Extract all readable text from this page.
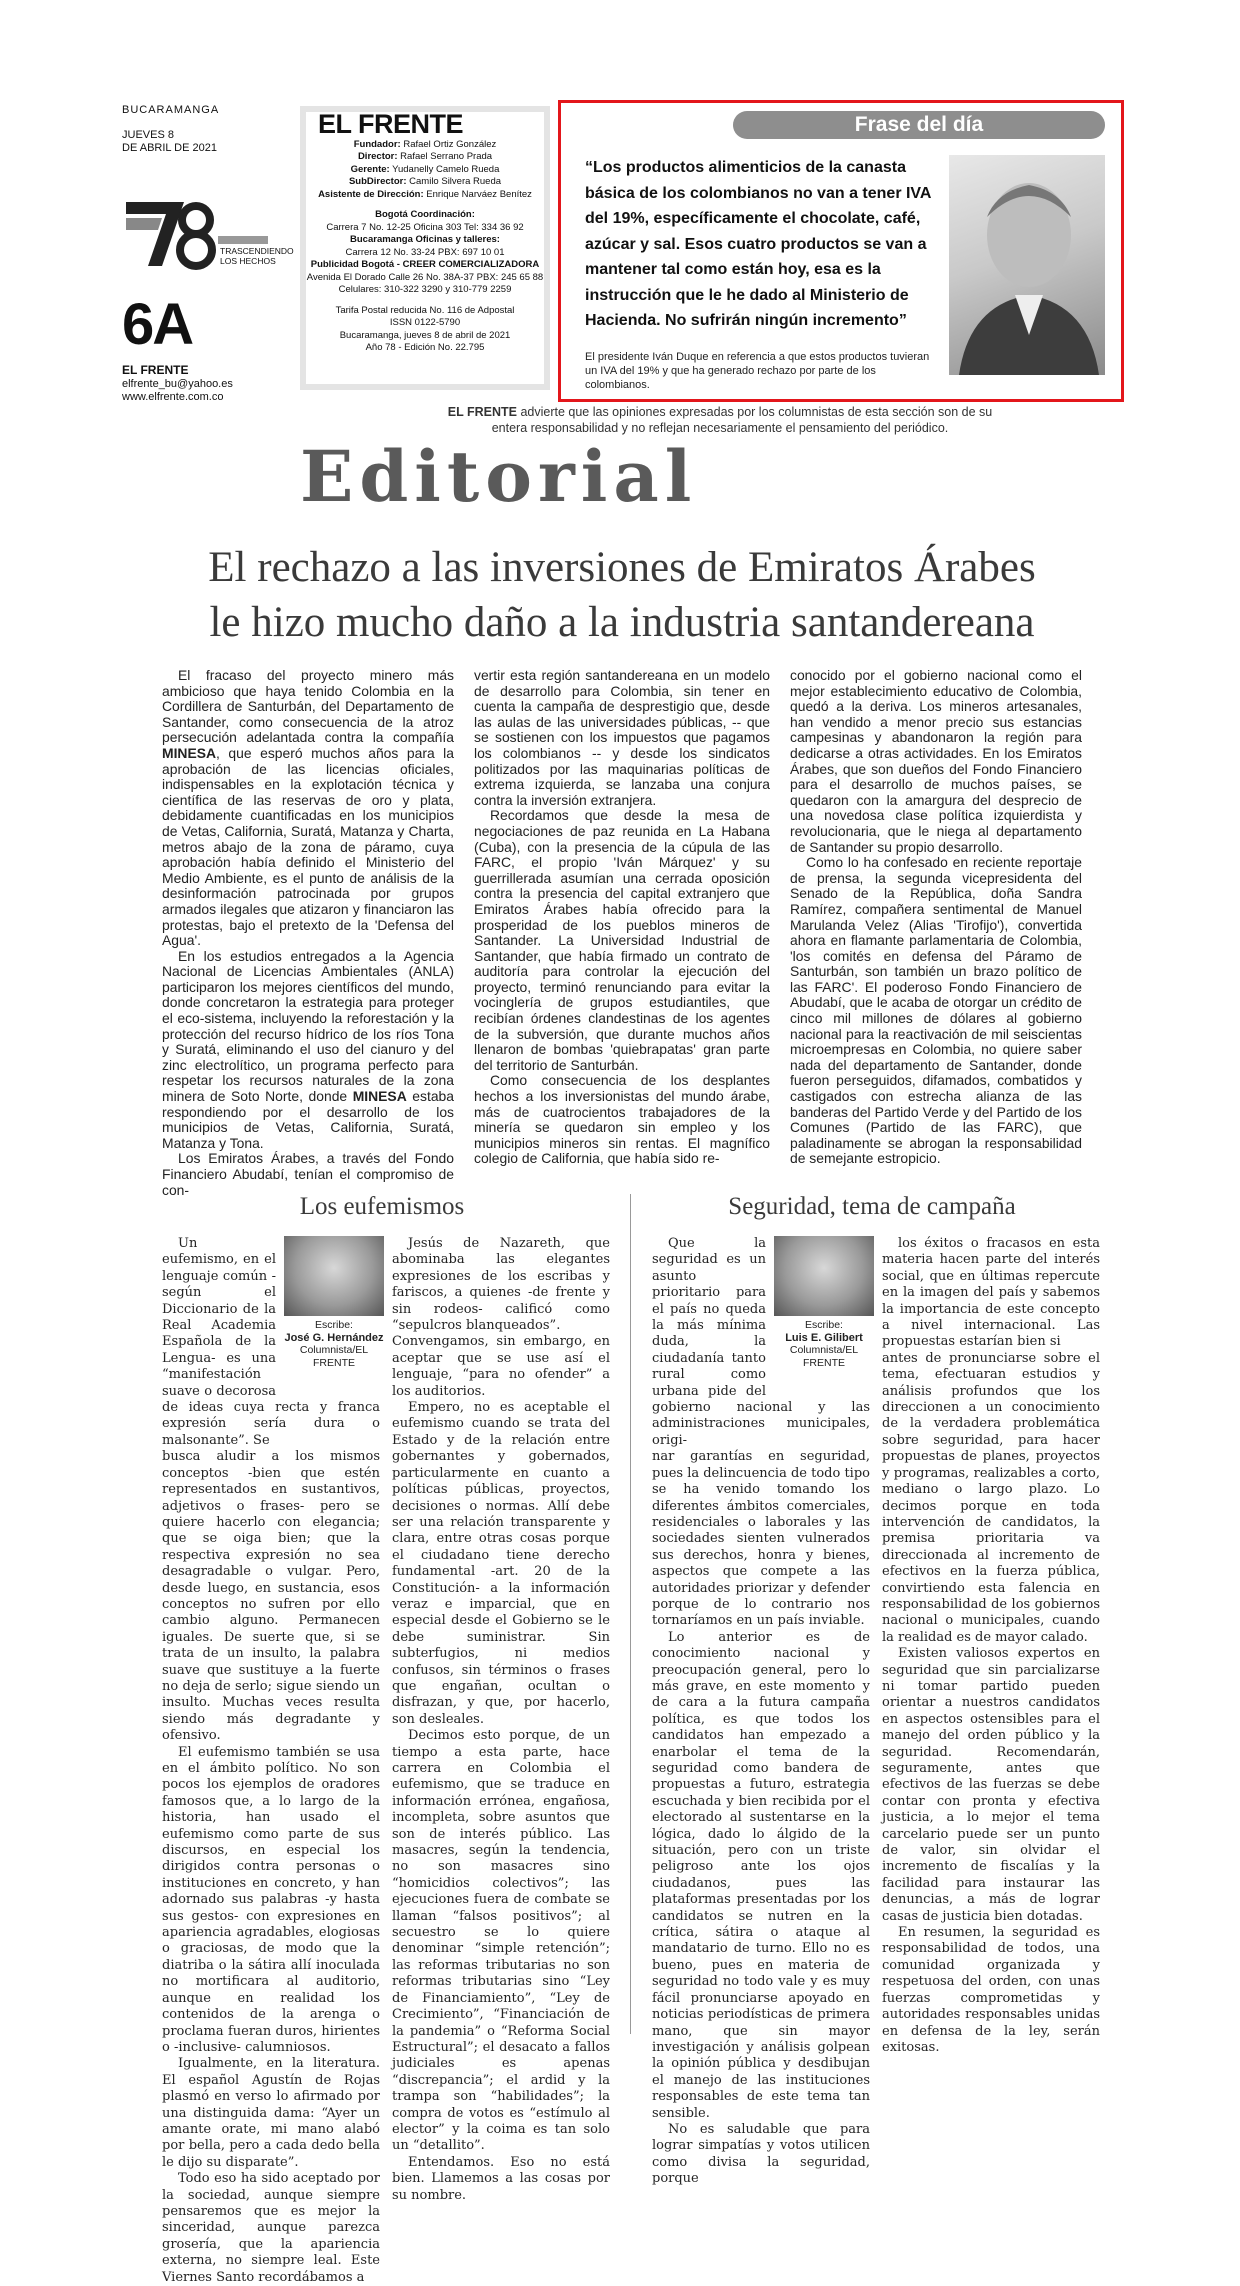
BUCARAMANGA
JUEVES 8
DE ABRIL DE 2021
TRASCENDIENDO
LOS HECHOS
6A
EL FRENTE
elfrente_bu@yahoo.es
www.elfrente.com.co
EL FRENTE
Fundador: Rafael Ortiz González
Director: Rafael Serrano Prada
Gerente: Yudanelly Camelo Rueda
SubDirector: Camilo Silvera Rueda
Asistente de Dirección: Enrique Narváez Benítez
Bogotá Coordinación:
Carrera 7 No. 12-25 Oficina 303 Tel: 334 36 92
Bucaramanga Oficinas y talleres:
Carrera 12 No. 33-24 PBX: 697 10 01
Publicidad Bogotá - CREER COMERCIALIZADORA
Avenida El Dorado Calle 26 No. 38A-37 PBX: 245 65 88
Celulares: 310-322 3290 y 310-779 2259
Tarifa Postal reducida No. 116 de Adpostal
ISSN 0122-5790
Bucaramanga, jueves 8 de abril de 2021
Año 78 - Edición No. 22.795
Frase del día
“Los productos alimenticios de la canasta básica de los colombianos no van a tener IVA del 19%, específicamente el chocolate, café, azúcar y sal. Esos cuatro productos se van a mantener tal como están hoy, esa es la instrucción que le he dado al Ministerio de Hacienda. No sufrirán ningún incremento”
El presidente Iván Duque en referencia a que estos productos tuvieran un IVA del 19% y que ha generado rechazo por parte de los colombianos.
EL FRENTE advierte que las opiniones expresadas por los columnistas de esta sección son de su entera responsabilidad y no reflejan necesariamente el pensamiento del periódico.
Editorial
El rechazo a las inversiones de Emiratos Árabes
le hizo mucho daño a la industria santandereana

El fracaso del proyecto minero más ambicioso que haya tenido Colombia en la Cordillera de Santurbán, del Departamento de Santander, como consecuencia de la atroz persecución adelantada contra la compañía MINESA, que esperó muchos años para la aprobación de las licencias oficiales, indispensables en la explotación técnica y científica de las reservas de oro y plata, debidamente cuantificadas en los municipios de Vetas, California, Suratá, Matanza y Charta, metros abajo de la zona de páramo, cuya aprobación había definido el Ministerio del Medio Ambiente, es el punto de análisis de la desinformación patrocinada por grupos armados ilegales que atizaron y financiaron las protestas, bajo el pretexto de la 'Defensa del Agua'.

En los estudios entregados a la Agencia Nacional de Licencias Ambientales (ANLA) participaron los mejores científicos del mundo, donde concretaron la estrategia para proteger el eco-sistema, incluyendo la reforestación y la protección del recurso hídrico de los ríos Tona y Suratá, eliminando el uso del cianuro y del zinc electrolítico, un programa perfecto para respetar los recursos naturales de la zona minera de Soto Norte, donde MINESA estaba respondiendo por el desarrollo de los municipios de Vetas, California, Suratá, Matanza y Tona.

Los Emiratos Árabes, a través del Fondo Financiero Abudabí, tenían el compromiso de con-

vertir esta región santandereana en un modelo de desarrollo para Colombia, sin tener en cuenta la campaña de desprestigio que, desde las aulas de las universidades públicas, -- que se sostienen con los impuestos que pagamos los colombianos -- y desde los sindicatos politizados por las maquinarias políticas de extrema izquierda, se lanzaba una conjura contra la inversión extranjera.

Recordamos que desde la mesa de negociaciones de paz reunida en La Habana (Cuba), con la presencia de la cúpula de las FARC, el propio 'Iván Márquez' y su guerrillerada asumían una cerrada oposición contra la presencia del capital extranjero que Emiratos Árabes había ofrecido para la prosperidad de los pueblos mineros de Santander. La Universidad Industrial de Santander, que había firmado un contrato de auditoría para controlar la ejecución del proyecto, terminó renunciando para evitar la vocinglería de grupos estudiantiles, que recibían órdenes clandestinas de los agentes de la subversión, que durante muchos años llenaron de bombas 'quiebrapatas' gran parte del territorio de Santurbán.

Como consecuencia de los desplantes hechos a los inversionistas del mundo árabe, más de cuatrocientos trabajadores de la minería se quedaron sin empleo y los municipios mineros sin rentas. El magnífico colegio de California, que había sido re-

conocido por el gobierno nacional como el mejor establecimiento educativo de Colombia, quedó a la deriva. Los mineros artesanales, han vendido a menor precio sus estancias campesinas y abandonaron la región para dedicarse a otras actividades. En los Emiratos Árabes, que son dueños del Fondo Financiero para el desarrollo de muchos países, se quedaron con la amargura del desprecio de una novedosa clase política izquierdista y revolucionaria, que le niega al departamento de Santander su propio desarrollo.

Como lo ha confesado en reciente reportaje de prensa, la segunda vicepresidenta del Senado de la República, doña Sandra Ramírez, compañera sentimental de Manuel Marulanda Velez (Alias 'Tirofijo'), convertida ahora en flamante parlamentaria de Colombia, 'los comités en defensa del Páramo de Santurbán, son también un brazo político de las FARC'. El poderoso Fondo Financiero de Abudabí, que le acaba de otorgar un crédito de cinco mil millones de dólares al gobierno nacional para la reactivación de mil seiscientas microempresas en Colombia, no quiere saber nada del departamento de Santander, donde fueron perseguidos, difamados, combatidos y castigados con estrecha alianza de las banderas del Partido Verde y del Partido de los Comunes (Partido de las FARC), que paladinamente se abrogan la responsabilidad de semejante estropicio.

Los eufemismos	Seguridad, tema de campaña
Escribe:
José G. Hernández
Columnista/EL FRENTE

Un eufemismo, en el lenguaje común -según el Diccionario de la Real Academia Española de la Lengua- es una “manifestación suave o decorosa de ideas cuya recta y franca expresión sería dura o malsonante”. Se

busca aludir a los mismos conceptos -bien que estén representados en sustantivos, adjetivos o frases- pero se quiere hacerlo con elegancia; que se oiga bien; que la respectiva expresión no sea desagradable o vulgar. Pero, desde luego, en sustancia, esos conceptos no sufren por ello cambio alguno. Permanecen iguales. De suerte que, si se trata de un insulto, la palabra suave que sustituye a la fuerte no deja de serlo; sigue siendo un insulto. Muchas veces resulta siendo más degradante y ofensivo.

El eufemismo también se usa en el ámbito político. No son pocos los ejemplos de oradores famosos que, a lo largo de la historia, han usado el eufemismo como parte de sus discursos, en especial los dirigidos contra personas o instituciones en concreto, y han adornado sus palabras -y hasta sus gestos- con expresiones en apariencia agradables, elogiosas o graciosas, de modo que la diatriba o la sátira allí inoculada no mortificara al auditorio, aunque en realidad los contenidos de la arenga o proclama fueran duros, hirientes o -inclusive- calumniosos.

Igualmente, en la literatura. El español Agustín de Rojas plasmó en verso lo afirmado por una distinguida dama: “Ayer un amante orate, mi mano alabó por bella, pero a cada dedo bella le dijo su disparate”.

Todo eso ha sido aceptado por la sociedad, aunque siempre pensaremos que es mejor la sinceridad, aunque parezca grosería, que la apariencia externa, no siempre leal. Este Viernes Santo recordábamos a

Jesús de Nazareth, que abominaba las elegantes expresiones de los escribas y fariscos, a quienes -de frente y sin rodeos- calificó como “sepulcros blanqueados”.

Convengamos, sin embargo, en aceptar que se use así el lenguaje, “para no ofender” a los auditorios.

Empero, no es aceptable el eufemismo cuando se trata del Estado y de la relación entre gobernantes y gobernados, particularmente en cuanto a políticas públicas, proyectos, decisiones o normas. Allí debe ser una relación transparente y clara, entre otras cosas porque el ciudadano tiene derecho fundamental -art. 20 de la Constitución- a la información veraz e imparcial, que en especial desde el Gobierno se le debe suministrar. Sin subterfugios, ni medios confusos, sin términos o frases que engañan, ocultan o disfrazan, y que, por hacerlo, son desleales.

Decimos esto porque, de un tiempo a esta parte, hace carrera en Colombia el eufemismo, que se traduce en información errónea, engañosa, incompleta, sobre asuntos que son de interés público. Las masacres, según la tendencia, no son masacres sino “homicidios colectivos”; las ejecuciones fuera de combate se llaman “falsos positivos”; al secuestro se lo quiere denominar “simple retención”; las reformas tributarias no son reformas tributarias sino “Ley de Financiamiento”, “Ley de Crecimiento”, “Financiación de la pandemia” o “Reforma Social Estructural”; el desacato a fallos judiciales es apenas “discrepancia”; el ardid y la trampa son “habilidades”; la compra de votos es “estímulo al elector” y la coima es tan solo un “detallito”.

Entendamos. Eso no está bien. Llamemos a las cosas por su nombre.

Escribe:
Luis E. Gilibert
Columnista/EL FRENTE

Que la seguridad es un asunto prioritario para el país no queda la más mínima duda, la ciudadanía tanto rural como urbana pide del gobierno nacional y las administraciones municipales, origi-

nar garantías en seguridad, pues la delincuencia de todo tipo se ha venido tomando los diferentes ámbitos comerciales, residenciales o laborales y las sociedades sienten vulnerados sus derechos, honra y bienes, aspectos que compete a las autoridades priorizar y defender porque de lo contrario nos tornaríamos en un país inviable.

Lo anterior es de conocimiento nacional y preocupación general, pero lo más grave, en este momento y de cara a la futura campaña política, es que todos los candidatos han empezado a enarbolar el tema de la seguridad como bandera de propuestas a futuro, estrategia escuchada y bien recibida por el electorado al sustentarse en la lógica, dado lo álgido de la situación, pero con un triste peligroso ante los ojos ciudadanos, pues las plataformas presentadas por los candidatos se nutren en la crítica, sátira o ataque al mandatario de turno. Ello no es bueno, pues en materia de seguridad no todo vale y es muy fácil pronunciarse apoyado en noticias periodísticas de primera mano, que sin mayor investigación y análisis golpean la opinión pública y desdibujan el manejo de las instituciones responsables de este tema tan sensible.

No es saludable que para lograr simpatías y votos utilicen como divisa la seguridad, porque

los éxitos o fracasos en esta materia hacen parte del interés social, que en últimas repercute en la imagen del país y sabemos la importancia de este concepto a nivel internacional. Las propuestas estarían bien si

antes de pronunciarse sobre el tema, efectuaran estudios y análisis profundos que los direccionen a un conocimiento de la verdadera problemática sobre seguridad, para hacer propuestas de planes, proyectos y programas, realizables a corto, mediano o largo plazo. Lo decimos porque en toda intervención de candidatos, la premisa prioritaria va direccionada al incremento de efectivos en la fuerza pública, convirtiendo esta falencia en responsabilidad de los gobiernos nacional o municipales, cuando la realidad es de mayor calado.

Existen valiosos expertos en seguridad que sin parcializarse ni tomar partido pueden orientar a nuestros candidatos en aspectos ostensibles para el manejo del orden público y la seguridad. Recomendarán, seguramente, antes que efectivos de las fuerzas se debe contar con pronta y efectiva justicia, a lo mejor el tema carcelario puede ser un punto de valor, sin olvidar el incremento de fiscalías y la facilidad para instaurar las denuncias, a más de lograr casas de justicia bien dotadas.

En resumen, la seguridad es responsabilidad de todos, una comunidad organizada y respetuosa del orden, con unas fuerzas comprometidas y autoridades responsables unidas en defensa de la ley, serán exitosas.
